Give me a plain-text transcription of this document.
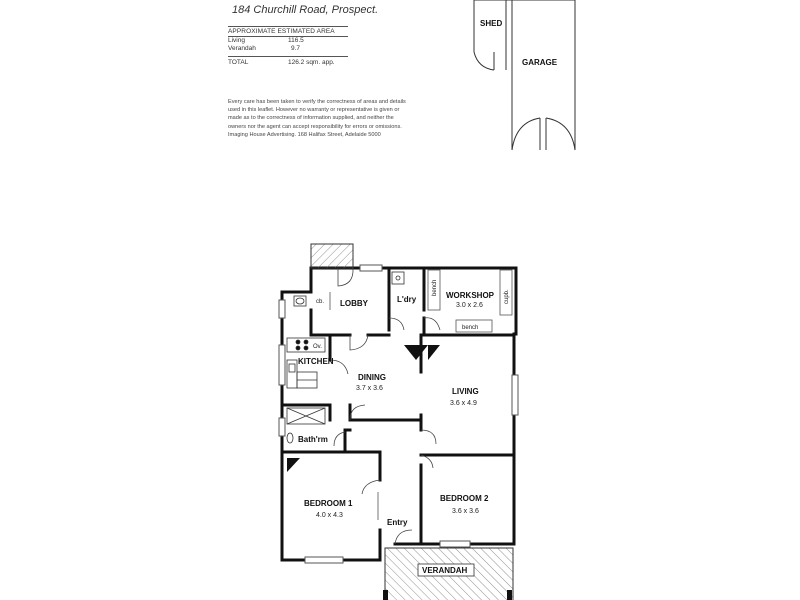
184 Churchill Road, Prospect.
APPROXIMATE ESTIMATED AREA
Living	116.5
Verandah	9.7
TOTAL	126.2 sqm. app.
Every care has been taken to verify the correctness of areas and details
used in this leaflet. However no warranty or representative is given or
made as to the correctness of information supplied, and neither the
owners nor the agent can accept responsibility for errors or omissions.
Imaging House Advertising. 168 Halifax Street, Adelaide 5000
SHED
GARAGE
LOBBY
cb.	L'dry	WORKSHOP
3.0 x 2.6
bench
bench
cupb.
KITCHEN
Ov.
DINING
3.7 x 3.6	LIVING
3.6 x 4.9
Bath'rm
BEDROOM 1
4.0 x 4.3
BEDROOM 2
3.6 x 3.6
Entry
VERANDAH
